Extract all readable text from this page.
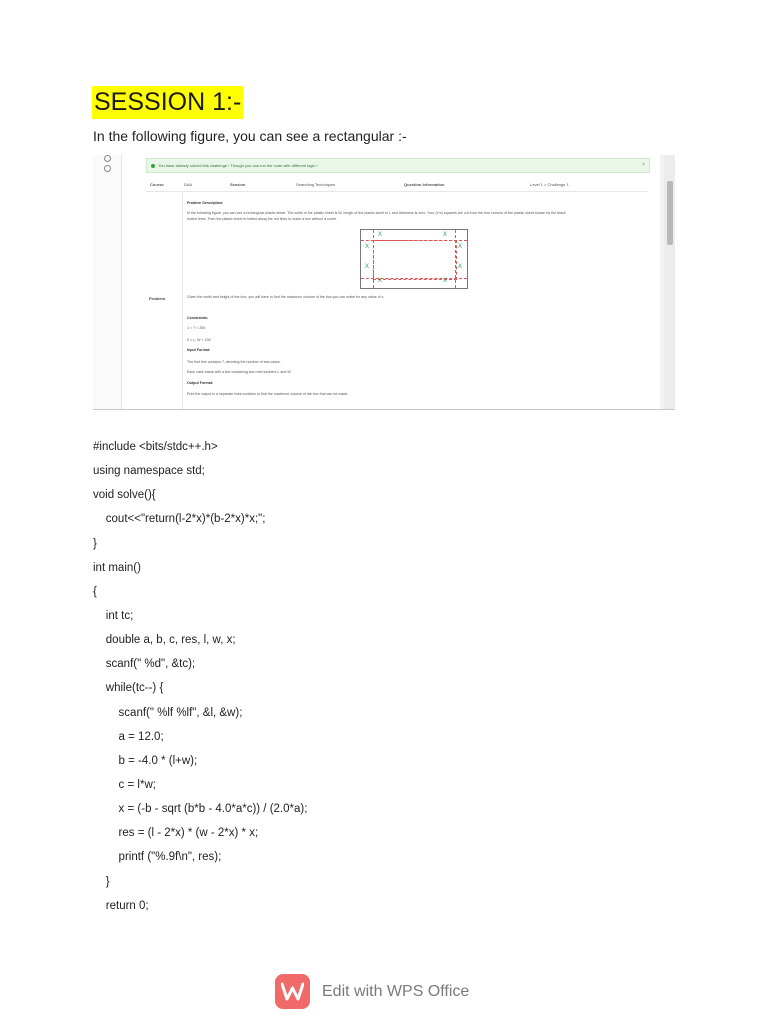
SESSION 1:-
In the following figure, you can see a rectangular :-
You have already solved this challenge ! Though you can run the code with different logic !	×
Course	DAA	Session	Searching Techniques	Question Information	Level 1 > Challenge 1
Problem
Problem Description:
In the following figure, you can see a rectangular plastic sheet. The width of the plastic sheet is W, length of the plastic sheet is L and thickness is zero. Your (x*x) squares are cut from the four corners of the plastic sheet shown by the black
dotted lines. Then the plastic sheet is folded along the red lines to make a box without a cover.
X	X
X	X
X	X
X	X
Given the width and height of the box, you will have to find the maximum volume of the box you can make for any value of x.
Constraints:
1 < T < 250
0 < L, W < 100
Input Format:
The first line contains T, denoting the number of test cases.
Each case starts with a line containing two real numbers L and W.
Output Format:
Print the output in a separate lines contains to find the maximum volume of the box that can be made.
#include <bits/stdc++.h>
using namespace std;
void solve(){
cout<<"return(l-2*x)*(b-2*x)*x;";
}
int main()
{
int tc;
double a, b, c, res, l, w, x;
scanf(" %d", &tc);
while(tc--) {
scanf(" %lf %lf", &l, &w);
a = 12.0;
b = -4.0 * (l+w);
c = l*w;
x = (-b - sqrt (b*b - 4.0*a*c)) / (2.0*a);
res = (l - 2*x) * (w - 2*x) * x;
printf ("%.9f\n", res);
}
return 0;
Edit with WPS Office
